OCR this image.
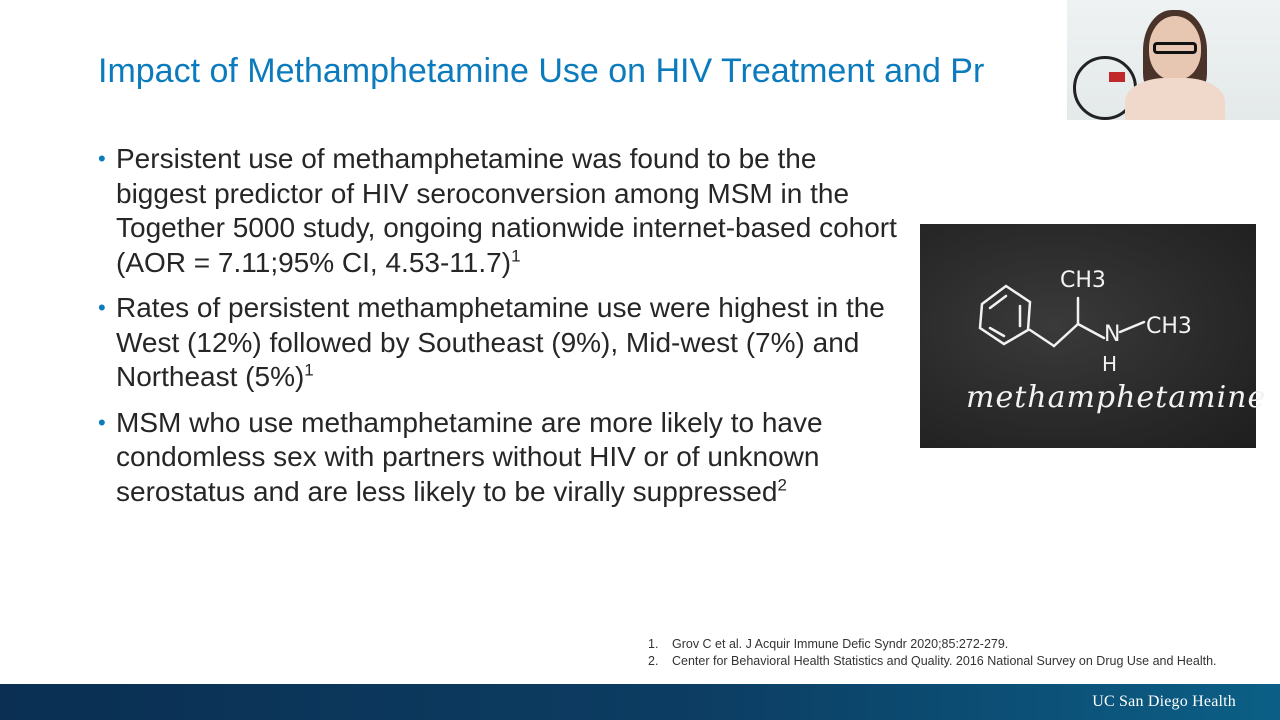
Impact of Methamphetamine Use on HIV Treatment and Pr
• Persistent use of methamphetamine was found to be the biggest predictor of HIV seroconversion among MSM in the Together 5000 study, ongoing nationwide internet-based cohort (AOR = 7.11;95% CI, 4.53-11.7)$^1$
• Rates of persistent methamphetamine use were highest in the West (12%) followed by Southeast (9%), Mid-west (7%) and Northeast $(5\%)^1$
• MSM who use methamphetamine are more likely to have condomless sex with partners without HIV or of unknown serostatus and are less likely to be virally suppressed$^2$
CH3
CH3
N
H
methamphetamine
1. Grov C et al. J Acquir Immune Defic Syndr 2020;85:272-279.
2. Center for Behavioral Health Statistics and Quality. 2016 National Survey on Drug Use and Health.
UC San Diego Health
